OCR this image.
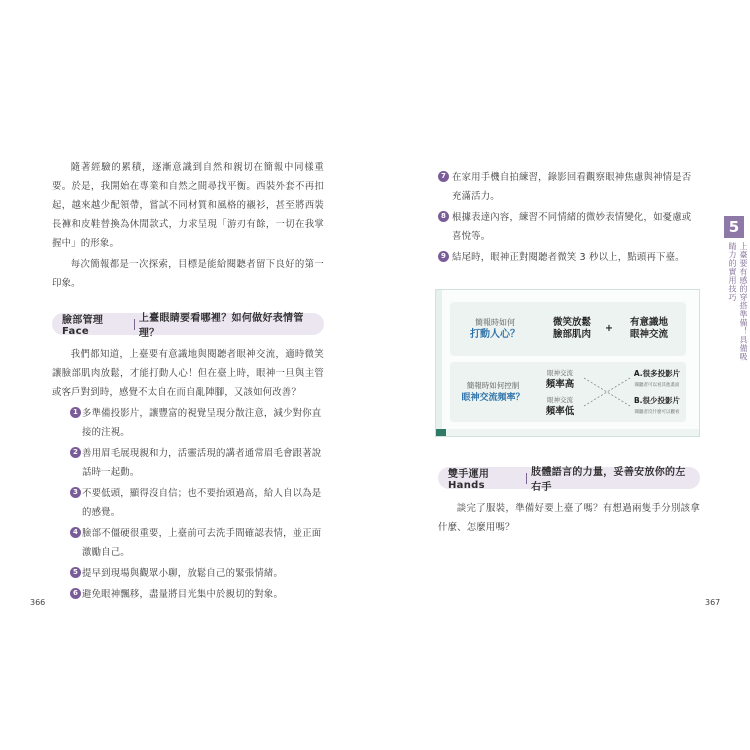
隨著經驗的累積，逐漸意識到自然和親切在簡報中同樣重要。於是，我開始在專業和自然之間尋找平衡。西裝外套不再扣起，越來越少配領帶，嘗試不同材質和風格的襯衫，甚至將西裝長褲和皮鞋替換為休閒款式，力求呈現「游刃有餘，一切在我掌握中」的形象。

每次簡報都是一次探索，目標是能給閱聽者留下良好的第一印象。

臉部管理 Face
上臺眼睛要看哪裡？如何做好表情管理？

我們都知道，上臺要有意識地與閱聽者眼神交流，適時微笑讓臉部肌肉放鬆，才能打動人心！但在臺上時，眼神一旦與主管或客戶對到時，感覺不太自在而自亂陣腳，又該如何改善？

1 多準備投影片，讓豐富的視覺呈現分散注意，減少對你直接的注視。
2 善用眉毛展現親和力，活靈活現的講者通常眉毛會跟著說話時一起動。
3 不要低頭，顯得沒自信；也不要抬頭過高，給人自以為是的感覺。
4 臉部不僵硬很重要，上臺前可去洗手間確認表情，並正面激勵自己。
5 提早到現場與觀眾小聊，放鬆自己的緊張情緒。
6 避免眼神飄移，盡量將目光集中於親切的對象。
366
7 在家用手機自拍練習，錄影回看觀察眼神焦慮與神情是否充滿活力。
8 根據表達內容，練習不同情緒的微妙表情變化，如憂慮或喜悅等。
9 結尾時，眼神正對閱聽者微笑 3 秒以上，點頭再下臺。
簡報時如何
打動人心？
微笑放鬆
臉部肌肉
+
有意識地
眼神交流
簡報時如何控制
眼神交流頻率？
眼神交流
頻率高
眼神交流
頻率低
A.很多投影片
閱聽者可以看其他畫面
B.很少投影片
閱聽者沒什麼可以觀看
雙手運用 Hands
肢體語言的力量，妥善安放你的左右手

談完了服裝，準備好要上臺了嗎？有想過兩隻手分別該拿什麼、怎麼用嗎？

367
5
上臺要有感的穿搭準備！具備吸睛力的實用技巧
